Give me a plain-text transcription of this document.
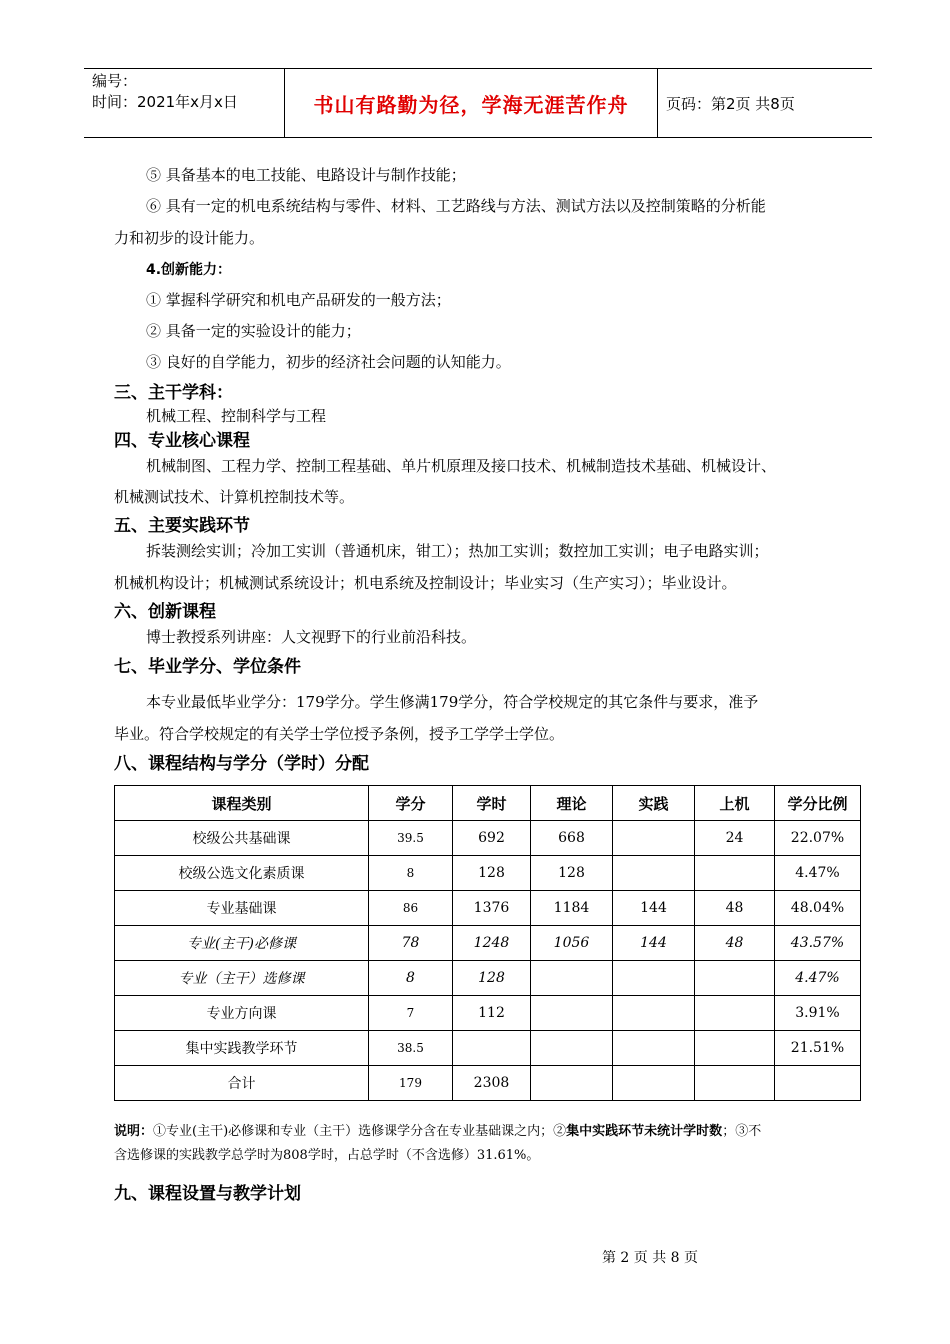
编号：
时间：2021年x月x日	书山有路勤为径，学海无涯苦作舟	页码：第2页 共8页
⑤ 具备基本的电工技能、电路设计与制作技能；
⑥ 具有一定的机电系统结构与零件、材料、工艺路线与方法、测试方法以及控制策略的分析能
力和初步的设计能力。
4.创新能力：
① 掌握科学研究和机电产品研发的一般方法；
② 具备一定的实验设计的能力；
③ 良好的自学能力，初步的经济社会问题的认知能力。
三、主干学科：
机械工程、控制科学与工程
四、专业核心课程
机械制图、工程力学、控制工程基础、单片机原理及接口技术、机械制造技术基础、机械设计、
机械测试技术、计算机控制技术等。
五、主要实践环节
拆装测绘实训；冷加工实训（普通机床，钳工）；热加工实训；数控加工实训；电子电路实训；
机械机构设计；机械测试系统设计；机电系统及控制设计；毕业实习（生产实习）；毕业设计。
六、创新课程
博士教授系列讲座：人文视野下的行业前沿科技。
七、毕业学分、学位条件
本专业最低毕业学分：179学分。学生修满179学分，符合学校规定的其它条件与要求，准予
毕业。符合学校规定的有关学士学位授予条例，授予工学学士学位。
八、课程结构与学分（学时）分配
课程类别	学分	学时	理论	实践	上机	学分比例
校级公共基础课	39.5	692	668		24	22.07%
校级公选文化素质课	8	128	128			4.47%
专业基础课	86	1376	1184	144	48	48.04%
专业(主干)必修课	78	1248	1056	144	48	43.57%
专业（主干）选修课	8	128				4.47%
专业方向课	7	112				3.91%
集中实践教学环节	38.5					21.51%
合计	179	2308				
说明：①专业(主干)必修课和专业（主干）选修课学分含在专业基础课之内；②集中实践环节未统计学时数；③不
含选修课的实践教学总学时为808学时，占总学时（不含选修）31.61%。
九、课程设置与教学计划
第 2 页 共 8 页
